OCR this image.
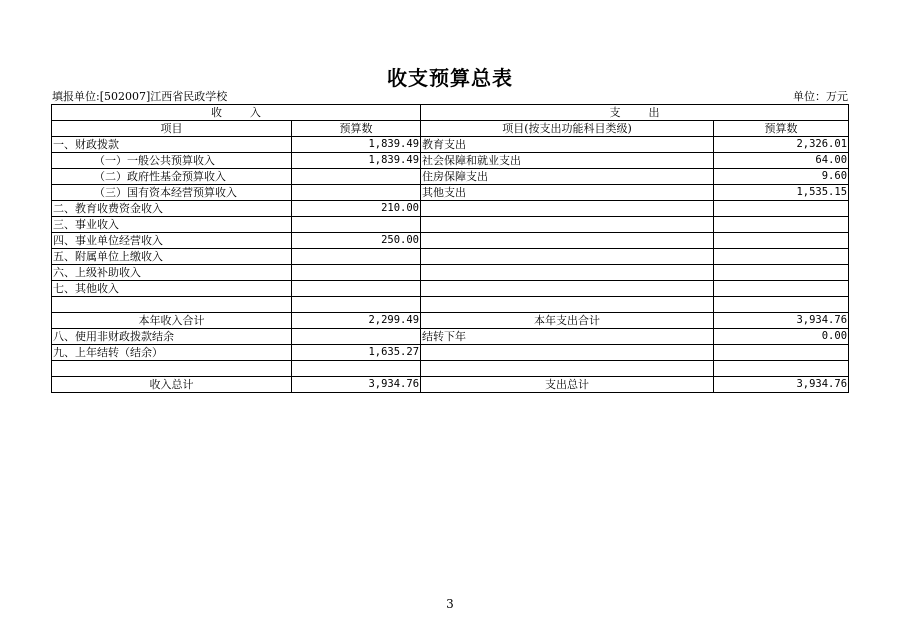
收支预算总表
填报单位:[502007]江西省民政学校	单位：万元
收        入		支        出	
项目	预算数	项目(按支出功能科目类级)	预算数
一、财政拨款	1,839.49	教育支出	2,326.01
（一）一般公共预算收入	1,839.49	社会保障和就业支出	64.00
（二）政府性基金预算收入		住房保障支出	9.60
（三）国有资本经营预算收入		其他支出	1,535.15
二、教育收费资金收入	210.00		
三、事业收入			
四、事业单位经营收入	250.00		
五、附属单位上缴收入			
六、上级补助收入			
七、其他收入			

本年收入合计	2,299.49	本年支出合计	3,934.76
八、使用非财政拨款结余		结转下年	0.00
九、上年结转（结余）	1,635.27		

收入总计	3,934.76	支出总计	3,934.76
3
